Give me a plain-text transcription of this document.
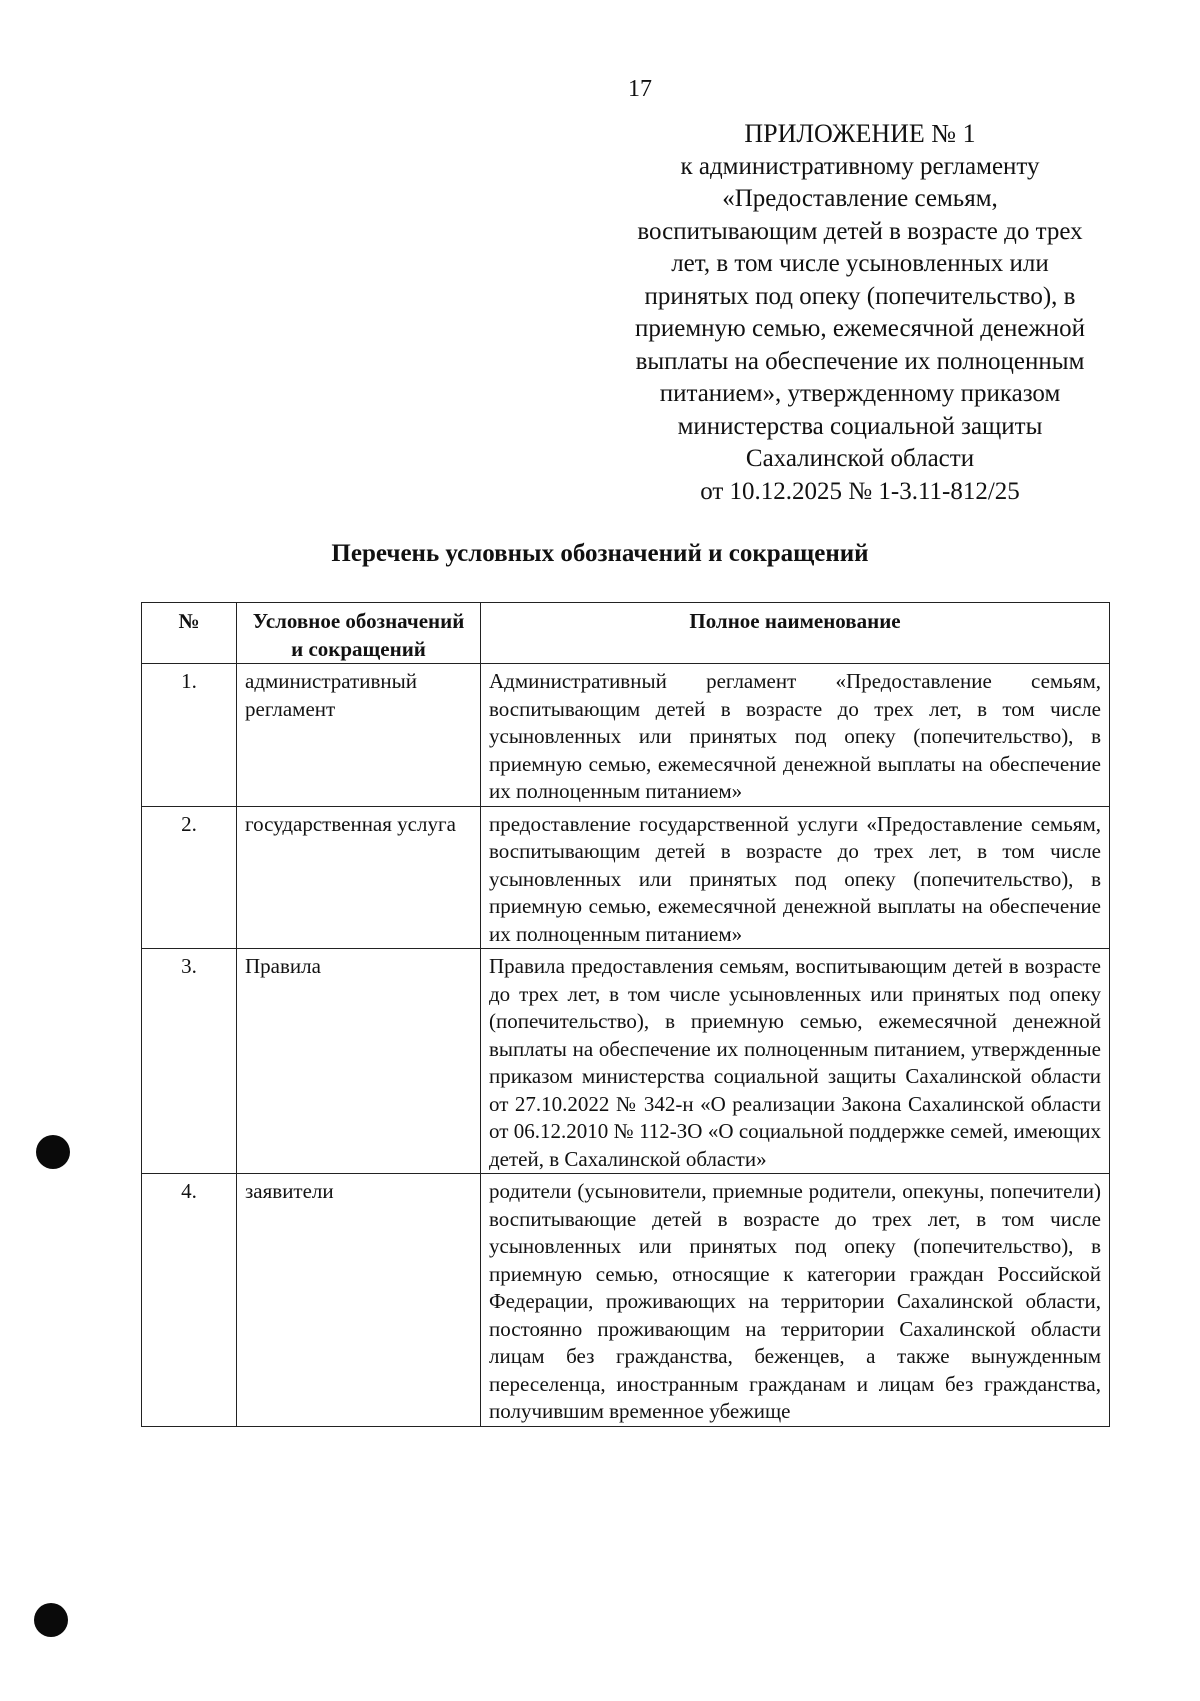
17
ПРИЛОЖЕНИЕ № 1
к административному регламенту
«Предоставление семьям,
воспитывающим детей в возрасте до трех
лет, в том числе усыновленных или
принятых под опеку (попечительство), в
приемную семью, ежемесячной денежной
выплаты на обеспечение их полноценным
питанием», утвержденному приказом
министерства социальной защиты
Сахалинской области
от 10.12.2025 № 1-3.11-812/25
Перечень условных обозначений и сокращений
№	Условное обозначений и сокращений	Полное наименование
1.	административный регламент	Административный регламент «Предоставление семьям, воспитывающим детей в возрасте до трех лет, в том числе усыновленных или принятых под опеку (попечительство), в приемную семью, ежемесячной денежной выплаты на обеспечение их полноценным питанием»
2.	государственная услуга	предоставление государственной услуги «Предоставление семьям, воспитывающим детей в возрасте до трех лет, в том числе усыновленных или принятых под опеку (попечительство), в приемную семью, ежемесячной денежной выплаты на обеспечение их полноценным питанием»
3.	Правила	Правила предоставления семьям, воспитывающим детей в возрасте до трех лет, в том числе усыновленных или принятых под опеку (попечительство), в приемную семью, ежемесячной денежной выплаты на обеспечение их полноценным питанием, утвержденные приказом министерства социальной защиты Сахалинской области от 27.10.2022 № 342-н «О реализации Закона Сахалинской области от 06.12.2010 № 112-ЗО «О социальной поддержке семей, имеющих детей, в Сахалинской области»
4.	заявители	родители (усыновители, приемные родители, опекуны, попечители) воспитывающие детей в возрасте до трех лет, в том числе усыновленных или принятых под опеку (попечительство), в приемную семью, относящие к категории граждан Российской Федерации, проживающих на территории Сахалинской области, постоянно проживающим на территории Сахалинской области лицам без гражданства, беженцев, а также вынужденным переселенца, иностранным гражданам и лицам без гражданства, получившим временное убежище
